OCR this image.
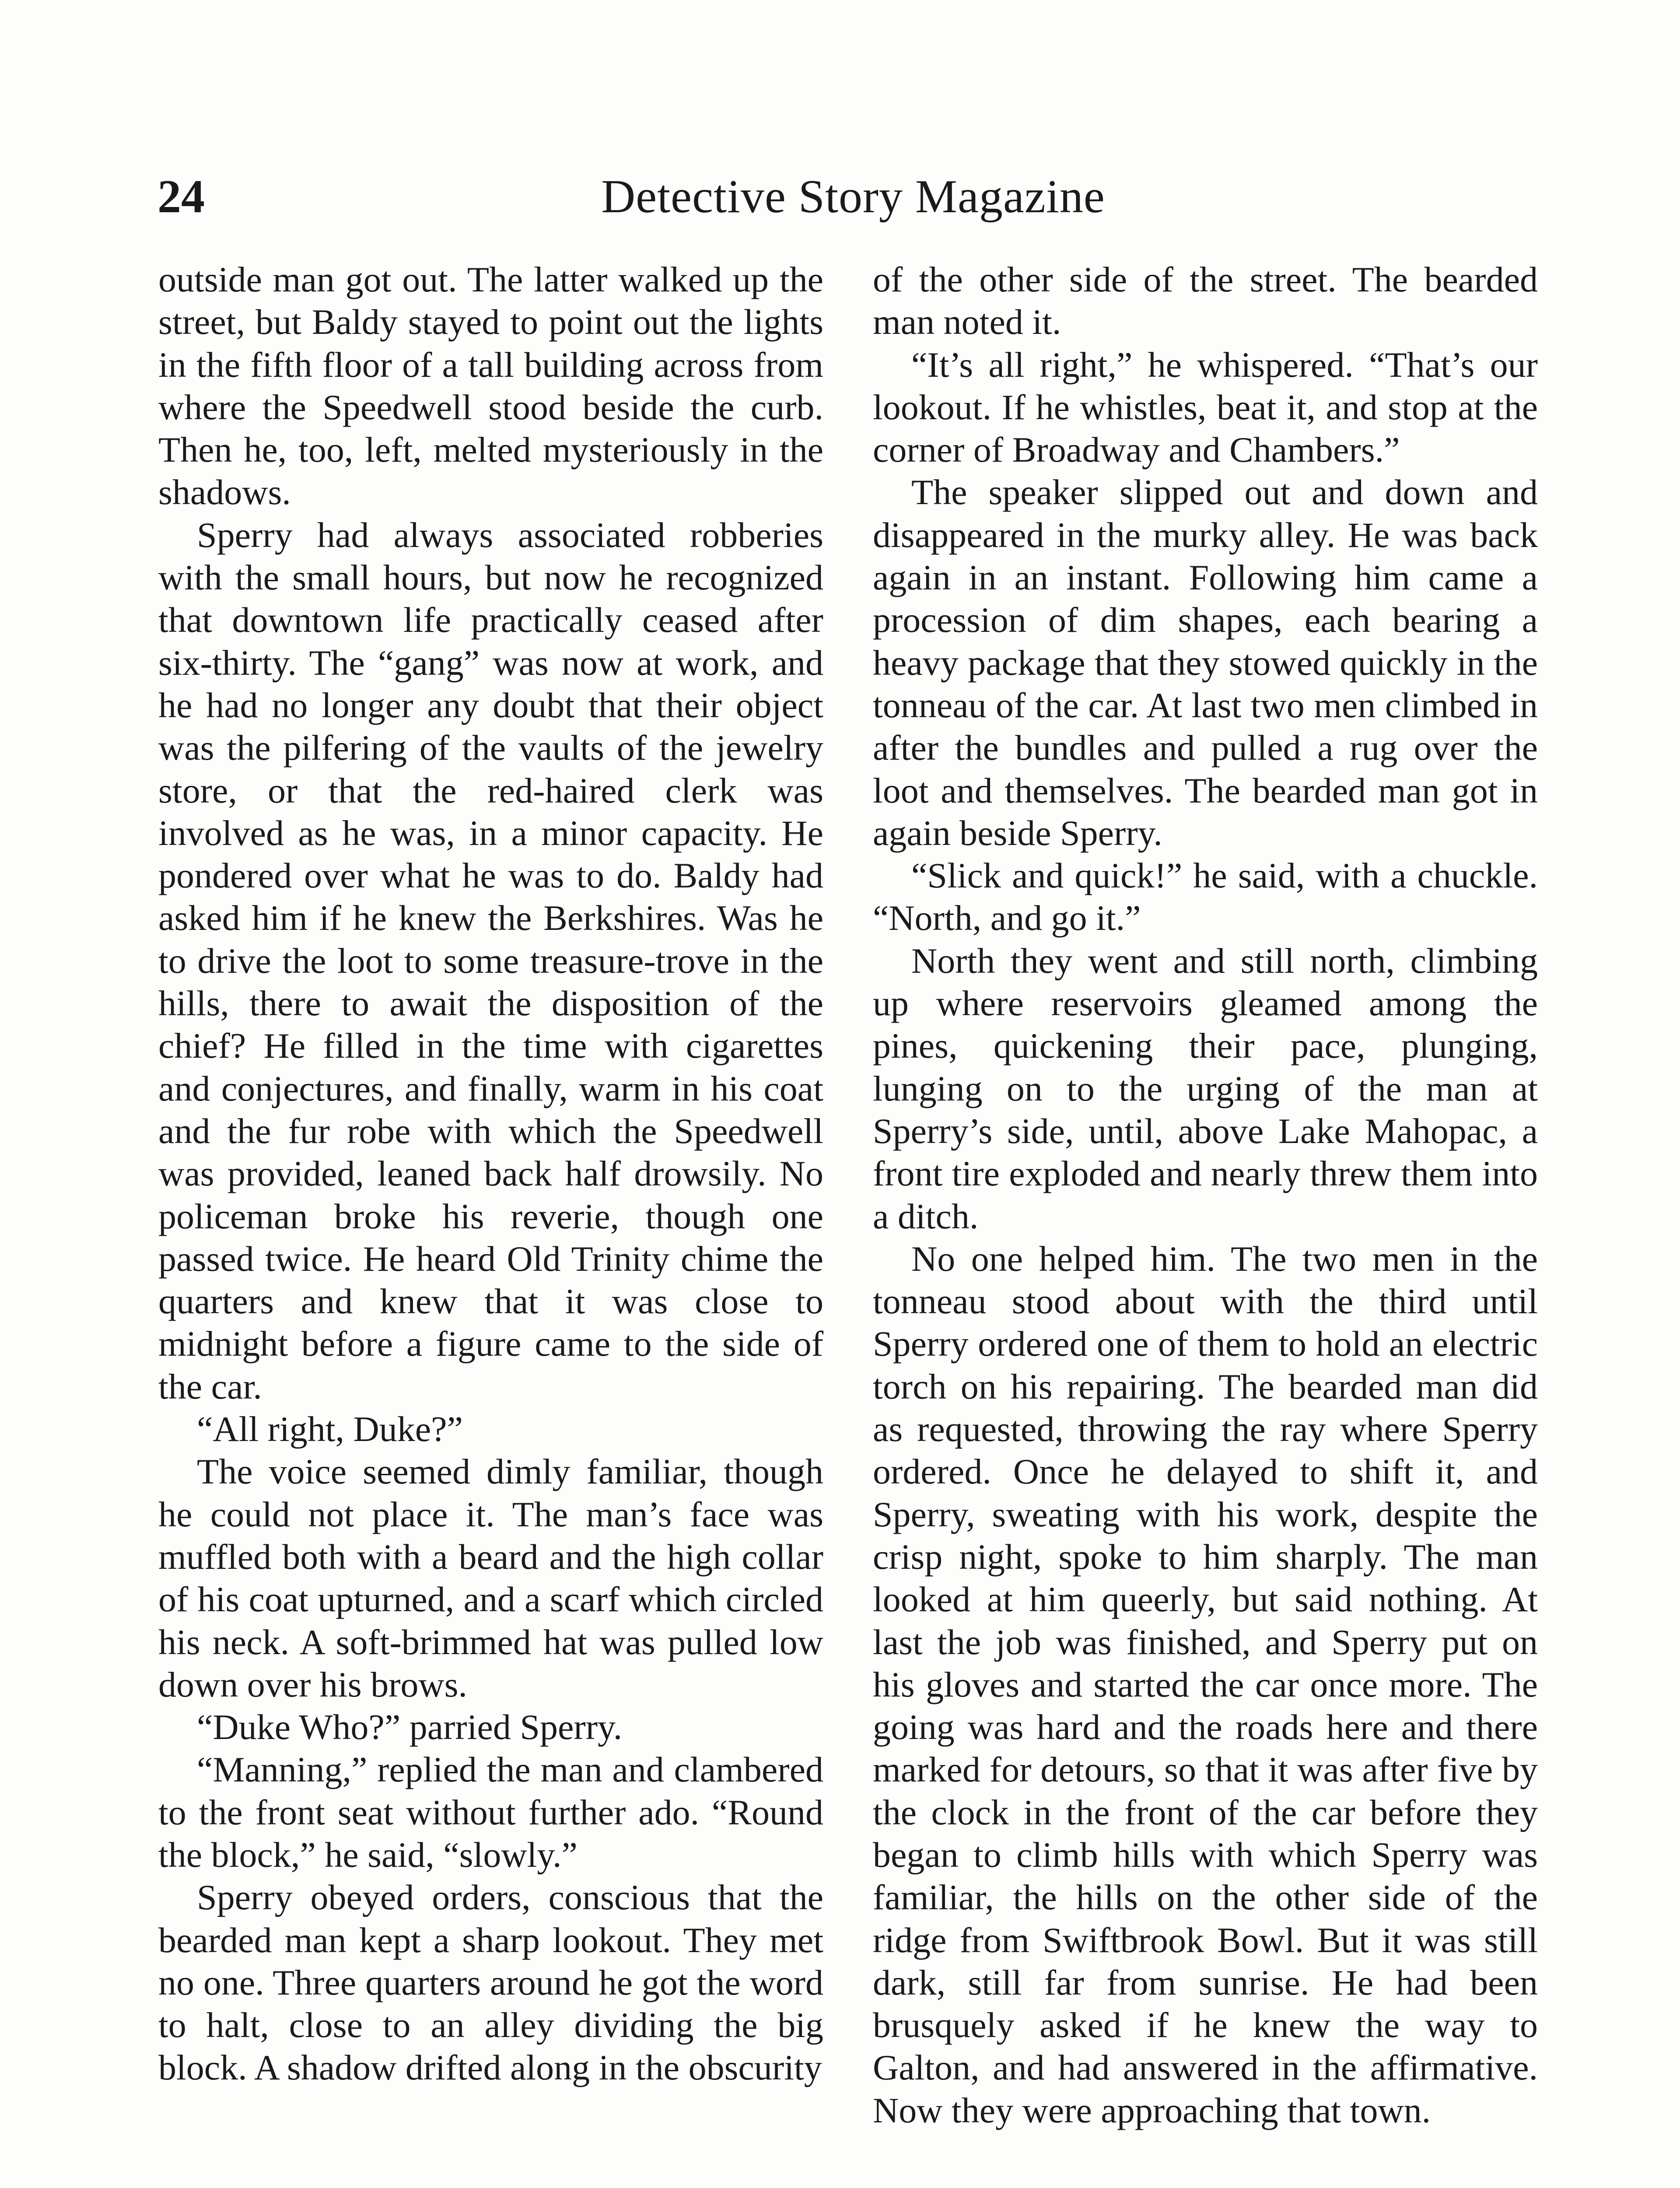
24	Detective Story Magazine

outside man got out. The latter walked up the street, but Baldy stayed to point out the lights in the fifth floor of a tall building across from where the Speedwell stood beside the curb. Then he, too, left, melted mysteriously in the shadows.

Sperry had always associated robberies with the small hours, but now he recognized that downtown life practically ceased after six-thirty. The “gang” was now at work, and he had no longer any doubt that their object was the pilfering of the vaults of the jewelry store, or that the red-haired clerk was involved as he was, in a minor capacity. He pondered over what he was to do. Baldy had asked him if he knew the Berkshires. Was he to drive the loot to some treasure-trove in the hills, there to await the disposition of the chief? He filled in the time with cigarettes and conjectures, and finally, warm in his coat and the fur robe with which the Speedwell was provided, leaned back half drowsily. No policeman broke his reverie, though one passed twice. He heard Old Trinity chime the quarters and knew that it was close to midnight before a figure came to the side of the car.

“All right, Duke?”

The voice seemed dimly familiar, though he could not place it. The man’s face was muffled both with a beard and the high collar of his coat upturned, and a scarf which circled his neck. A soft-brimmed hat was pulled low down over his brows.

“Duke Who?” parried Sperry.

“Manning,” replied the man and clambered to the front seat without further ado. “Round the block,” he said, “slowly.”

Sperry obeyed orders, conscious that the bearded man kept a sharp lookout. They met no one. Three quarters around he got the word to halt, close to an alley dividing the big block. A shadow drifted along in the obscurity

of the other side of the street. The bearded man noted it.

“It’s all right,” he whispered. “That’s our lookout. If he whistles, beat it, and stop at the corner of Broadway and Chambers.”

The speaker slipped out and down and disappeared in the murky alley. He was back again in an instant. Following him came a procession of dim shapes, each bearing a heavy package that they stowed quickly in the tonneau of the car. At last two men climbed in after the bundles and pulled a rug over the loot and themselves. The bearded man got in again beside Sperry.

“Slick and quick!” he said, with a chuckle. “North, and go it.”

North they went and still north, climbing up where reservoirs gleamed among the pines, quickening their pace, plunging, lunging on to the urging of the man at Sperry’s side, until, above Lake Mahopac, a front tire exploded and nearly threw them into a ditch.

No one helped him. The two men in the tonneau stood about with the third until Sperry ordered one of them to hold an electric torch on his repairing. The bearded man did as requested, throwing the ray where Sperry ordered. Once he delayed to shift it, and Sperry, sweating with his work, despite the crisp night, spoke to him sharply. The man looked at him queerly, but said nothing. At last the job was finished, and Sperry put on his gloves and started the car once more. The going was hard and the roads here and there marked for detours, so that it was after five by the clock in the front of the car before they began to climb hills with which Sperry was familiar, the hills on the other side of the ridge from Swiftbrook Bowl. But it was still dark, still far from sunrise. He had been brusquely asked if he knew the way to Galton, and had answered in the affirmative. Now they were approaching that town.
